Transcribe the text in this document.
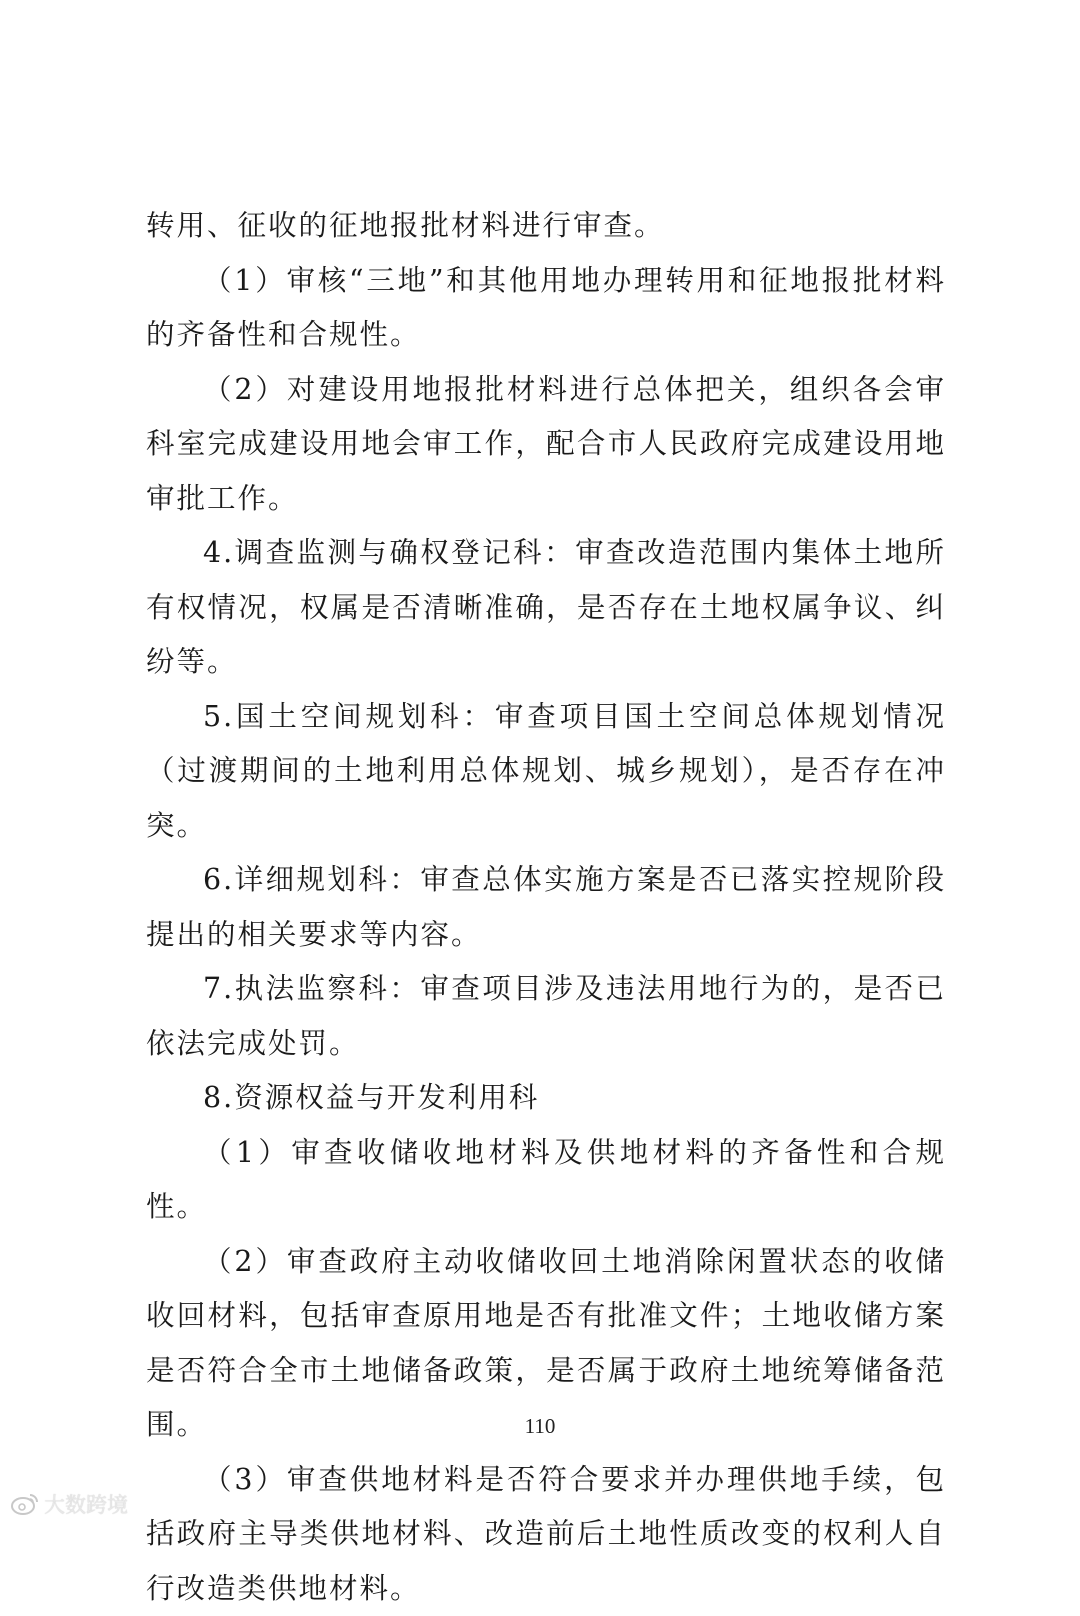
转用、征收的征地报批材料进行审查。

（1）审核“三地”和其他用地办理转用和征地报批材料的齐备性和合规性。

（2）对建设用地报批材料进行总体把关，组织各会审科室完成建设用地会审工作，配合市人民政府完成建设用地审批工作。

4.调查监测与确权登记科：审查改造范围内集体土地所有权情况，权属是否清晰准确，是否存在土地权属争议、纠纷等。

5.国土空间规划科：审查项目国土空间总体规划情况（过渡期间的土地利用总体规划、城乡规划），是否存在冲突。

6.详细规划科：审查总体实施方案是否已落实控规阶段提出的相关要求等内容。

7.执法监察科：审查项目涉及违法用地行为的，是否已依法完成处罚。

8.资源权益与开发利用科

（1）审查收储收地材料及供地材料的齐备性和合规性。

（2）审查政府主动收储收回土地消除闲置状态的收储收回材料，包括审查原用地是否有批准文件；土地收储方案是否符合全市土地储备政策，是否属于政府土地统筹储备范围。

（3）审查供地材料是否符合要求并办理供地手续，包括政府主导类供地材料、改造前后土地性质改变的权利人自行改造类供地材料。

110
大数跨境
